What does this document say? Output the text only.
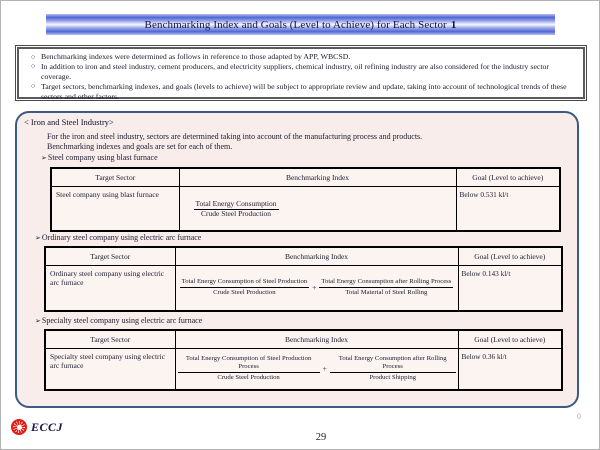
Benchmarking Index and Goals (Level to Achieve) for Each Sector 1
○ Benchmarking indexes were determined as follows in reference to those adapted by APP, WBCSD.
○ In addition to iron and steel industry, cement producers, and electricity suppliers, chemical industry, oil refining industry are also considered for the industry sector coverage.
○ Target sectors, benchmarking indexes, and goals (levels to achieve) will be subject to appropriate review and update, taking into account of technological trends of these sectors and other factors.
< Iron and Steel Industry>
For the iron and steel industry, sectors are determined taking into account of the manufacturing process and products.
Benchmarking indexes and goals are set for each of them.
➢ Steel company using blast furnace
Target Sector	Benchmarking Index	Goal (Level to achieve)
Steel company using blast furnace	$\frac{\text{Total Energy Consumption}}{\text{Crude Steel Production}}$	Below 0.531 kl/t
➢ Ordinary steel company using electric arc furnace
Target Sector	Benchmarking Index	Goal (Level to achieve)
Ordinary steel company using electric arc furnace	$\frac{\text{Total Energy Consumption of Steel Production}}{\text{Crude Steel Production}} + \frac{\text{Total Energy Consumption after Rolling Process}}{\text{Total Material of Steel Rolling}}$	Below 0.143 kl/t
➢ Specialty steel company using electric arc furnace
Target Sector	Benchmarking Index	Goal (Level to achieve)
Specialty steel company using electric arc furnace	$\frac{\text{Total Energy Consumption of Steel Production Process}}{\text{Crude Steel Production}} + \frac{\text{Total Energy Consumption after Rolling Process}}{\text{Product Shipping}}$	Below 0.36 kl/t
ECCJ
0
29
